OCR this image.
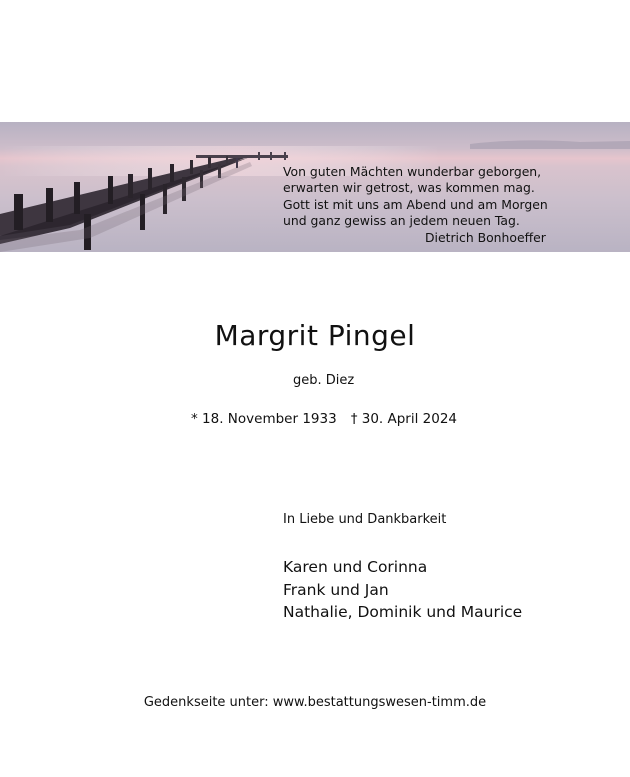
Von guten Mächten wunderbar geborgen,
erwarten wir getrost, was kommen mag.
Gott ist mit uns am Abend und am Morgen
und ganz gewiss an jedem neuen Tag.
Dietrich Bonhoeffer
Margrit Pingel
geb. Diez
* 18. November 1933 † 30. April 2024
In Liebe und Dankbarkeit
Karen und Corinna
Frank und Jan
Nathalie, Dominik und Maurice
Gedenkseite unter: www.bestattungswesen-timm.de
